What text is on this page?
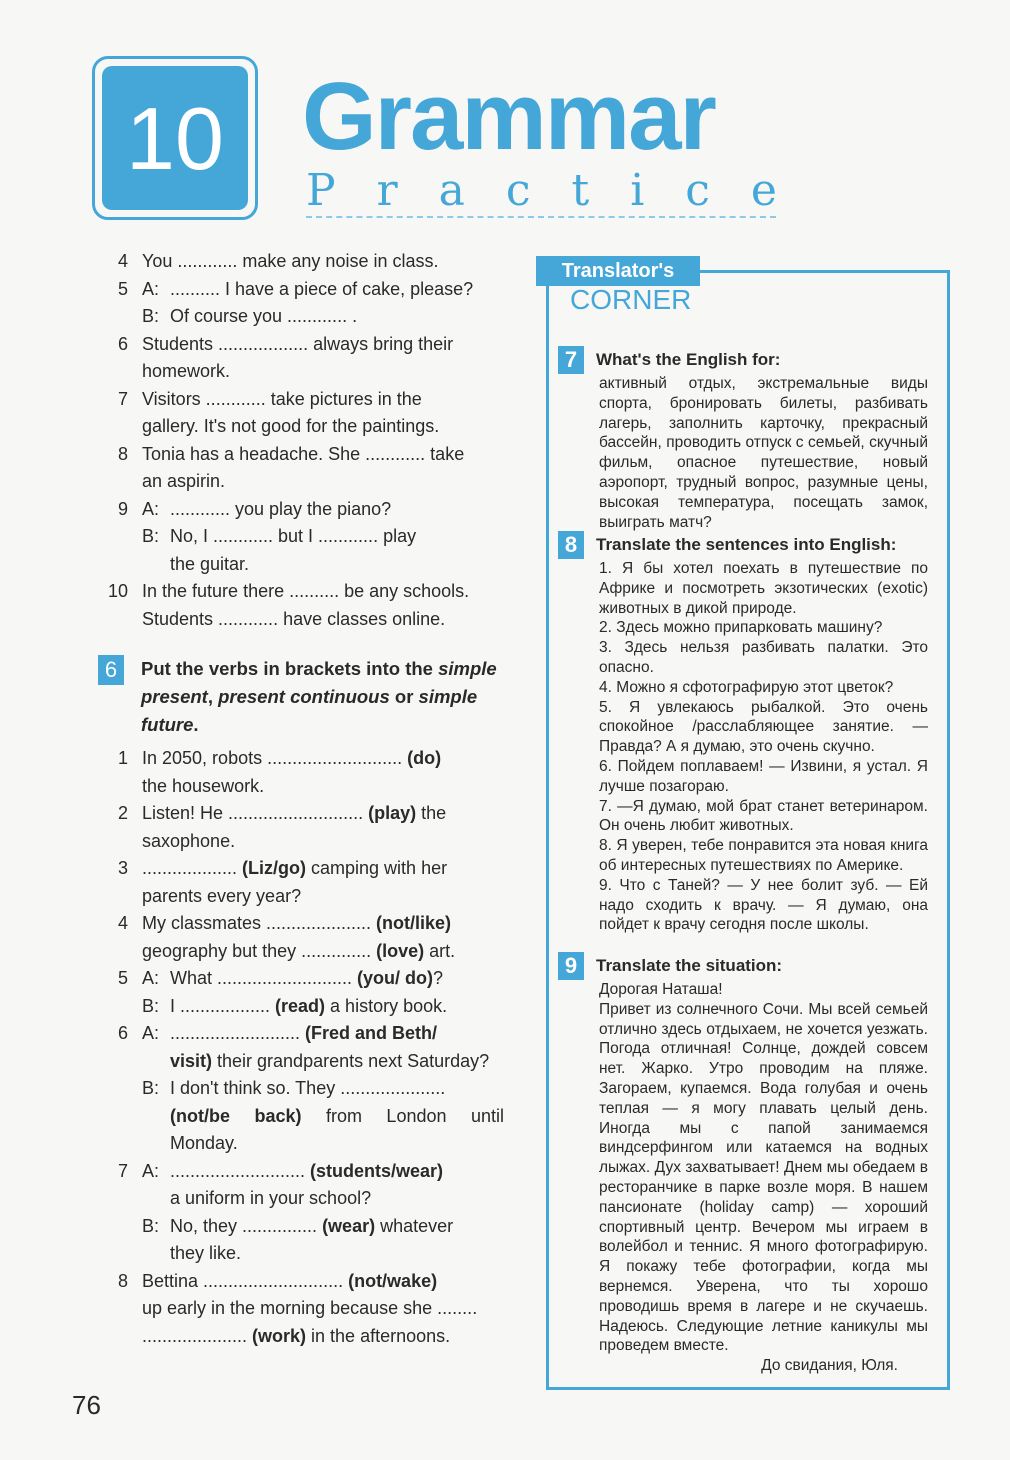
10 Grammar
Practice
4 You ............ make any noise in class.
5 A: .......... I have a piece of cake, please?
B: Of course you ............ .
6 Students .................. always bring their
homework.
7 Visitors ............ take pictures in the
gallery. It's not good for the paintings.
8 Tonia has a headache. She ............ take
an aspirin.
9 A: ............ you play the piano?
B: No, I ............ but I ............ play
the guitar.
10 In the future there .......... be any schools.
Students ............ have classes online.
6	Put the verbs in brackets into the simple present, present continuous or simple future.
1 In 2050, robots ........................... (do)
the housework.
2 Listen! He ........................... (play) the
saxophone.
3 ................... (Liz/go) camping with her
parents every year?
4 My classmates ..................... (not/like)
geography but they .............. (love) art.
5 A: What ........................... (you/ do)?
B: I .................. (read) a history book.
6 A: .......................... (Fred and Beth/
visit) their grandparents next Saturday?
B: I don't think so. They .....................
(not/be back) from London until
Monday.
7 A: ........................... (students/wear)
a uniform in your school?
B: No, they ............... (wear) whatever
they like.
8 Bettina ............................ (not/wake)
up early in the morning because she ........
..................... (work) in the afternoons.
Translator's
CORNER
7	What's the English for:
активный отдых, экстремальные виды спорта, бронировать билеты, разбивать лагерь, заполнить карточку, прекрасный бассейн, проводить отпуск с семьей, скучный фильм, опасное путешествие, новый аэропорт, трудный вопрос, разумные цены, высокая температура, посещать замок, выиграть матч?
8	Translate the sentences into English:
1. Я бы хотел поехать в путешествие по Африке и посмотреть экзотических (exotic) животных в дикой природе.
2. Здесь можно припарковать машину?
3. Здесь нельзя разбивать палатки. Это опасно.
4. Можно я сфотографирую этот цветок?
5. Я увлекаюсь рыбалкой. Это очень спокойное /расслабляющее занятие. — Правда? А я думаю, это очень скучно.
6. Пойдем поплаваем! — Извини, я устал. Я лучше позагораю.
7. —Я думаю, мой брат станет ветеринаром. Он очень любит животных.
8. Я уверен, тебе понравится эта новая книга об интересных путешествиях по Америке.
9. Что с Таней? — У нее болит зуб. — Ей надо сходить к врачу. — Я думаю, она пойдет к врачу сегодня после школы.
9	Translate the situation:
Дорогая Наташа!
Привет из солнечного Сочи. Мы всей семьей отлично здесь отдыхаем, не хочется уезжать. Погода отличная! Солнце, дождей совсем нет. Жарко. Утро проводим на пляже. Загораем, купаемся. Вода голубая и очень теплая — я могу плавать целый день. Иногда мы с папой занимаемся виндсерфингом или катаемся на водных лыжах. Дух захватывает! Днем мы обедаем в ресторанчике в парке возле моря. В нашем пансионате (holiday camp) — хороший спортивный центр. Вечером мы играем в волейбол и теннис. Я много фотографирую. Я покажу тебе фотографии, когда мы вернемся. Уверена, что ты хорошо проводишь время в лагере и не скучаешь. Надеюсь. Следующие летние каникулы мы проведем вместе.
До свидания, Юля.
76
